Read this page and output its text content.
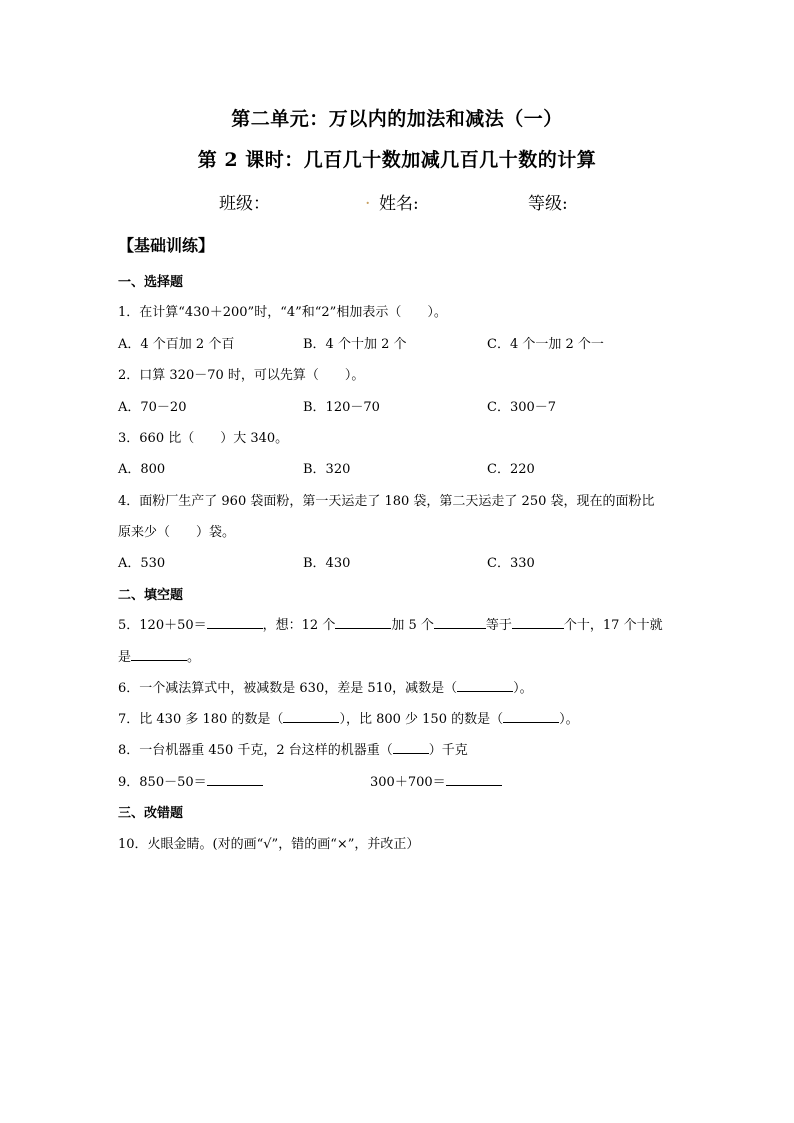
第二单元：万以内的加法和减法（一）
第 2 课时：几百几十数加减几百几十数的计算
班级：	. 姓名:	等级:
【基础训练】
一、选择题
1．在计算“430＋200”时，“4”和“2”相加表示（　　）。
A．4 个百加 2 个百	B．4 个十加 2 个	C．4 个一加 2 个一
2．口算 320－70 时，可以先算（　　）。
A．70－20	B．120－70	C．300－7
3．660 比（　　）大 340。
A．800	B．320	C．220
4．面粉厂生产了 960 袋面粉，第一天运走了 180 袋，第二天运走了 250 袋，现在的面粉比
原来少（　　）袋。
A．530	B．430	C．330
二、填空题
5．120＋50＝	，想：12 个	加 5 个	等于	个十，17 个十就
是	。
6．一个减法算式中，被减数是 630，差是 510，减数是（	）。
7．比 430 多 180 的数是（	），比 800 少 150 的数是（	）。
8．一台机器重 450 千克，2 台这样的机器重（	）千克
9．850－50＝	300＋700＝
三、改错题
10．火眼金睛。(对的画“√”，错的画“×”，并改正）
